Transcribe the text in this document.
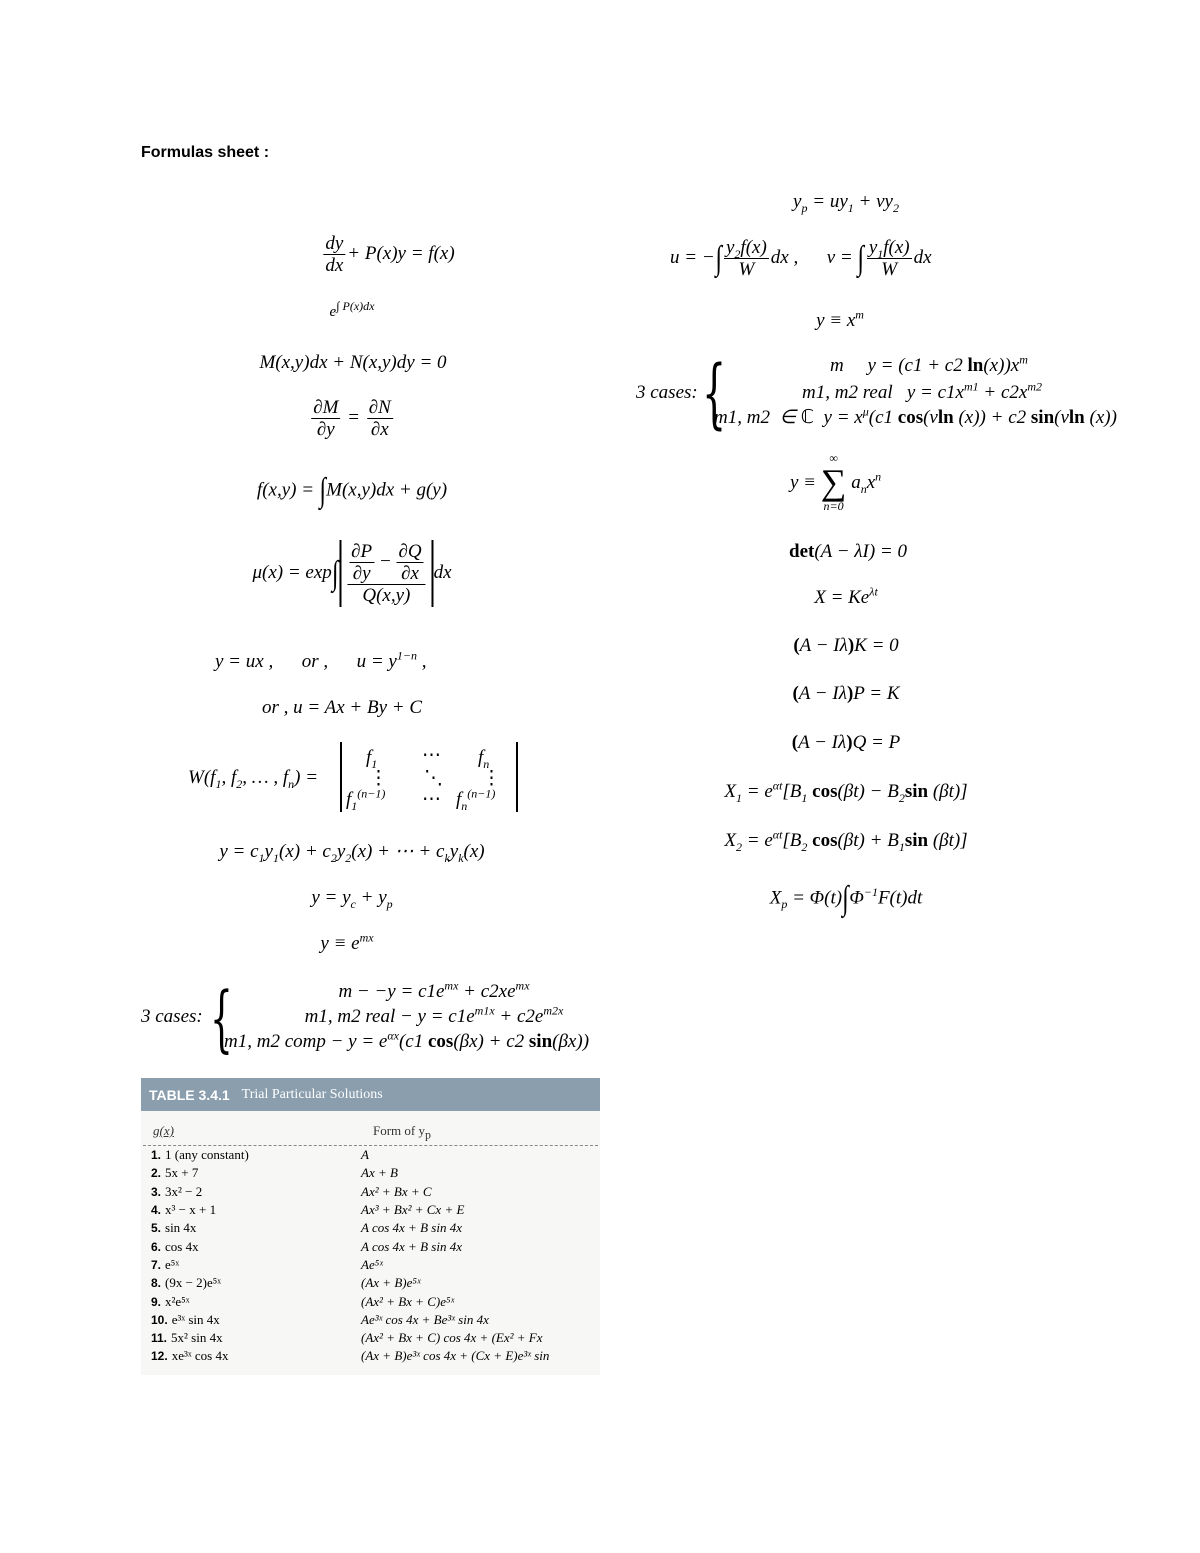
Formulas sheet :
$\frac{dy}{dx} + P(x)y = f(x)$
$e^{\int P(x)dx}$
M(x,y)dx + N(x,y)dy = 0
$\frac{\partial M}{\partial y} = \frac{\partial N}{\partial x}$
f(x,y) = ∫M(x,y)dx + g(y)
$\mu(x) = \exp\int \frac{\frac{\partial P}{\partial y} - \frac{\partial Q}{\partial x}}{Q(x,y)}$ dx
y = ux ,      or ,      $u = y^{1-n}$ ,
or , u = Ax + By + C
$W(f_1$, $f_2$, … , $f_n$) =
$f_1$ ⋯ $f_n$
⋮ ⋱ ⋮
$f_1^{(n-1)}$ ⋯ $f_n^{(n-1)}$
$y = c_1y_1(x) + c_2y_2(x)$ + ⋯ + $c_ky_k(x)$
$y = y_c + y_p$
$y \equiv e^{mx}$
3 cases: {	$m - -y = c1e^{mx} + c2xe^{mx}$
m1, m2 real − $y = c1e^{m1x} + c2e^{m2x}$
m1, m2 comp − $y = e^{\alpha x}(c1$ cos(βx) + c2 sin(βx))
$y_p = uy_1 + vy_2$
u = −∫ $\frac{y_2f(x)}{W}$ dx ,      v = ∫ $\frac{y_1f(x)}{W}$ dx
$y \equiv x^m$
3 cases: {	m     y = (c1 + c2 $\ln(x))x^m$
m1, m2 real   $y = c1x^{m1} + c2x^{m2}$
m1, m2  ∈ ℂ  $y = x^\mu(c1$ cos(vln (x)) + c2 sin(vln (x))
y ≡
∞
∑
n=0
$a_nx^n$
det(A − λI) = 0
$X = Ke^{\lambda t}$
(A − Iλ)K = 0
(A − Iλ)P = K
(A − Iλ)Q = P
$X_1 = e^{\alpha t}[B_1$ $\cos(\beta t) - B_2\sin$ (βt)]
$X_2 = e^{\alpha t}[B_2$ $\cos(\beta t) + B_1\sin$ (βt)]
$X_p = \Phi(t)\int\Phi^{-1}F(t)dt$
TABLE 3.4.1 Trial Particular Solutions
g(x)	Form of $y_p$
1. 1 (any constant)	A
2. 5x + 7	Ax + B
3. 3x² − 2	Ax² + Bx + C
4. x³ − x + 1	Ax³ + Bx² + Cx + E
5. sin 4x	A cos 4x + B sin 4x
6. cos 4x	A cos 4x + B sin 4x
7. e⁵ˣ	Ae⁵ˣ
8. (9x − 2)e⁵ˣ	(Ax + B)e⁵ˣ
9. x²e⁵ˣ	(Ax² + Bx + C)e⁵ˣ
10. e³ˣ sin 4x	Ae³ˣ cos 4x + Be³ˣ sin 4x
11. 5x² sin 4x	(Ax² + Bx + C) cos 4x + (Ex² + Fx
12. xe³ˣ cos 4x	(Ax + B)e³ˣ cos 4x + (Cx + E)e³ˣ sin
